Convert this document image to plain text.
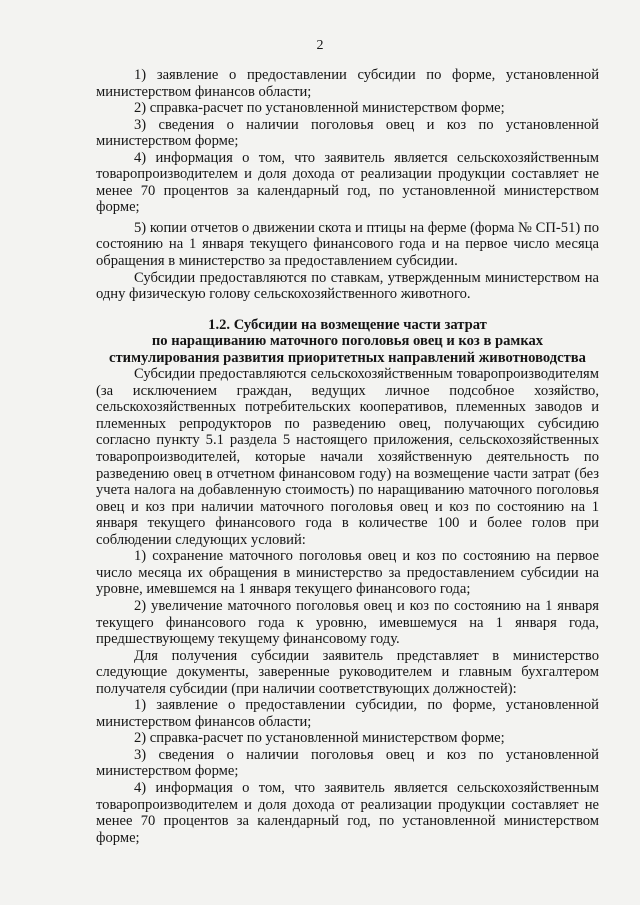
2

1) заявление о предоставлении субсидии по форме, установленной министерством финансов области;

2) справка-расчет по установленной министерством форме;

3) сведения о наличии поголовья овец и коз по установленной министерством форме;

4) информация о том, что заявитель является сельскохозяйственным товаропроизводителем и доля дохода от реализации продукции составляет не менее 70 процентов за календарный год, по установленной министерством форме;

5) копии отчетов о движении скота и птицы на ферме (форма № СП-51) по состоянию на 1 января текущего финансового года и на первое число месяца обращения в министерство за предоставлением субсидии.

Субсидии предоставляются по ставкам, утвержденным министерством на одну физическую голову сельскохозяйственного животного.

1.2. Субсидии на возмещение части затрат
по наращиванию маточного поголовья овец и коз в рамках
стимулирования развития приоритетных направлений животноводства

Субсидии предоставляются сельскохозяйственным товаропроизводителям (за исключением граждан, ведущих личное подсобное хозяйство, сельскохозяйственных потребительских кооперативов, племенных заводов и племенных репродукторов по разведению овец, получающих субсидию согласно пункту 5.1 раздела 5 настоящего приложения, сельскохозяйственных товаропроизводителей, которые начали хозяйственную деятельность по разведению овец в отчетном финансовом году) на возмещение части затрат (без учета налога на добавленную стоимость) по наращиванию маточного поголовья овец и коз при наличии маточного поголовья овец и коз по состоянию на 1 января текущего финансового года в количестве 100 и более голов при соблюдении следующих условий:

1) сохранение маточного поголовья овец и коз по состоянию на первое число месяца их обращения в министерство за предоставлением субсидии на уровне, имевшемся на 1 января текущего финансового года;

2) увеличение маточного поголовья овец и коз по состоянию на 1 января текущего финансового года к уровню, имевшемуся на 1 января года, предшествующему текущему финансовому году.

Для получения субсидии заявитель представляет в министерство следующие документы, заверенные руководителем и главным бухгалтером получателя субсидии (при наличии соответствующих должностей):

1) заявление о предоставлении субсидии, по форме, установленной министерством финансов области;

2) справка-расчет по установленной министерством форме;

3) сведения о наличии поголовья овец и коз по установленной министерством форме;

4) информация о том, что заявитель является сельскохозяйственным товаропроизводителем и доля дохода от реализации продукции составляет не менее 70 процентов за календарный год, по установленной министерством форме;
